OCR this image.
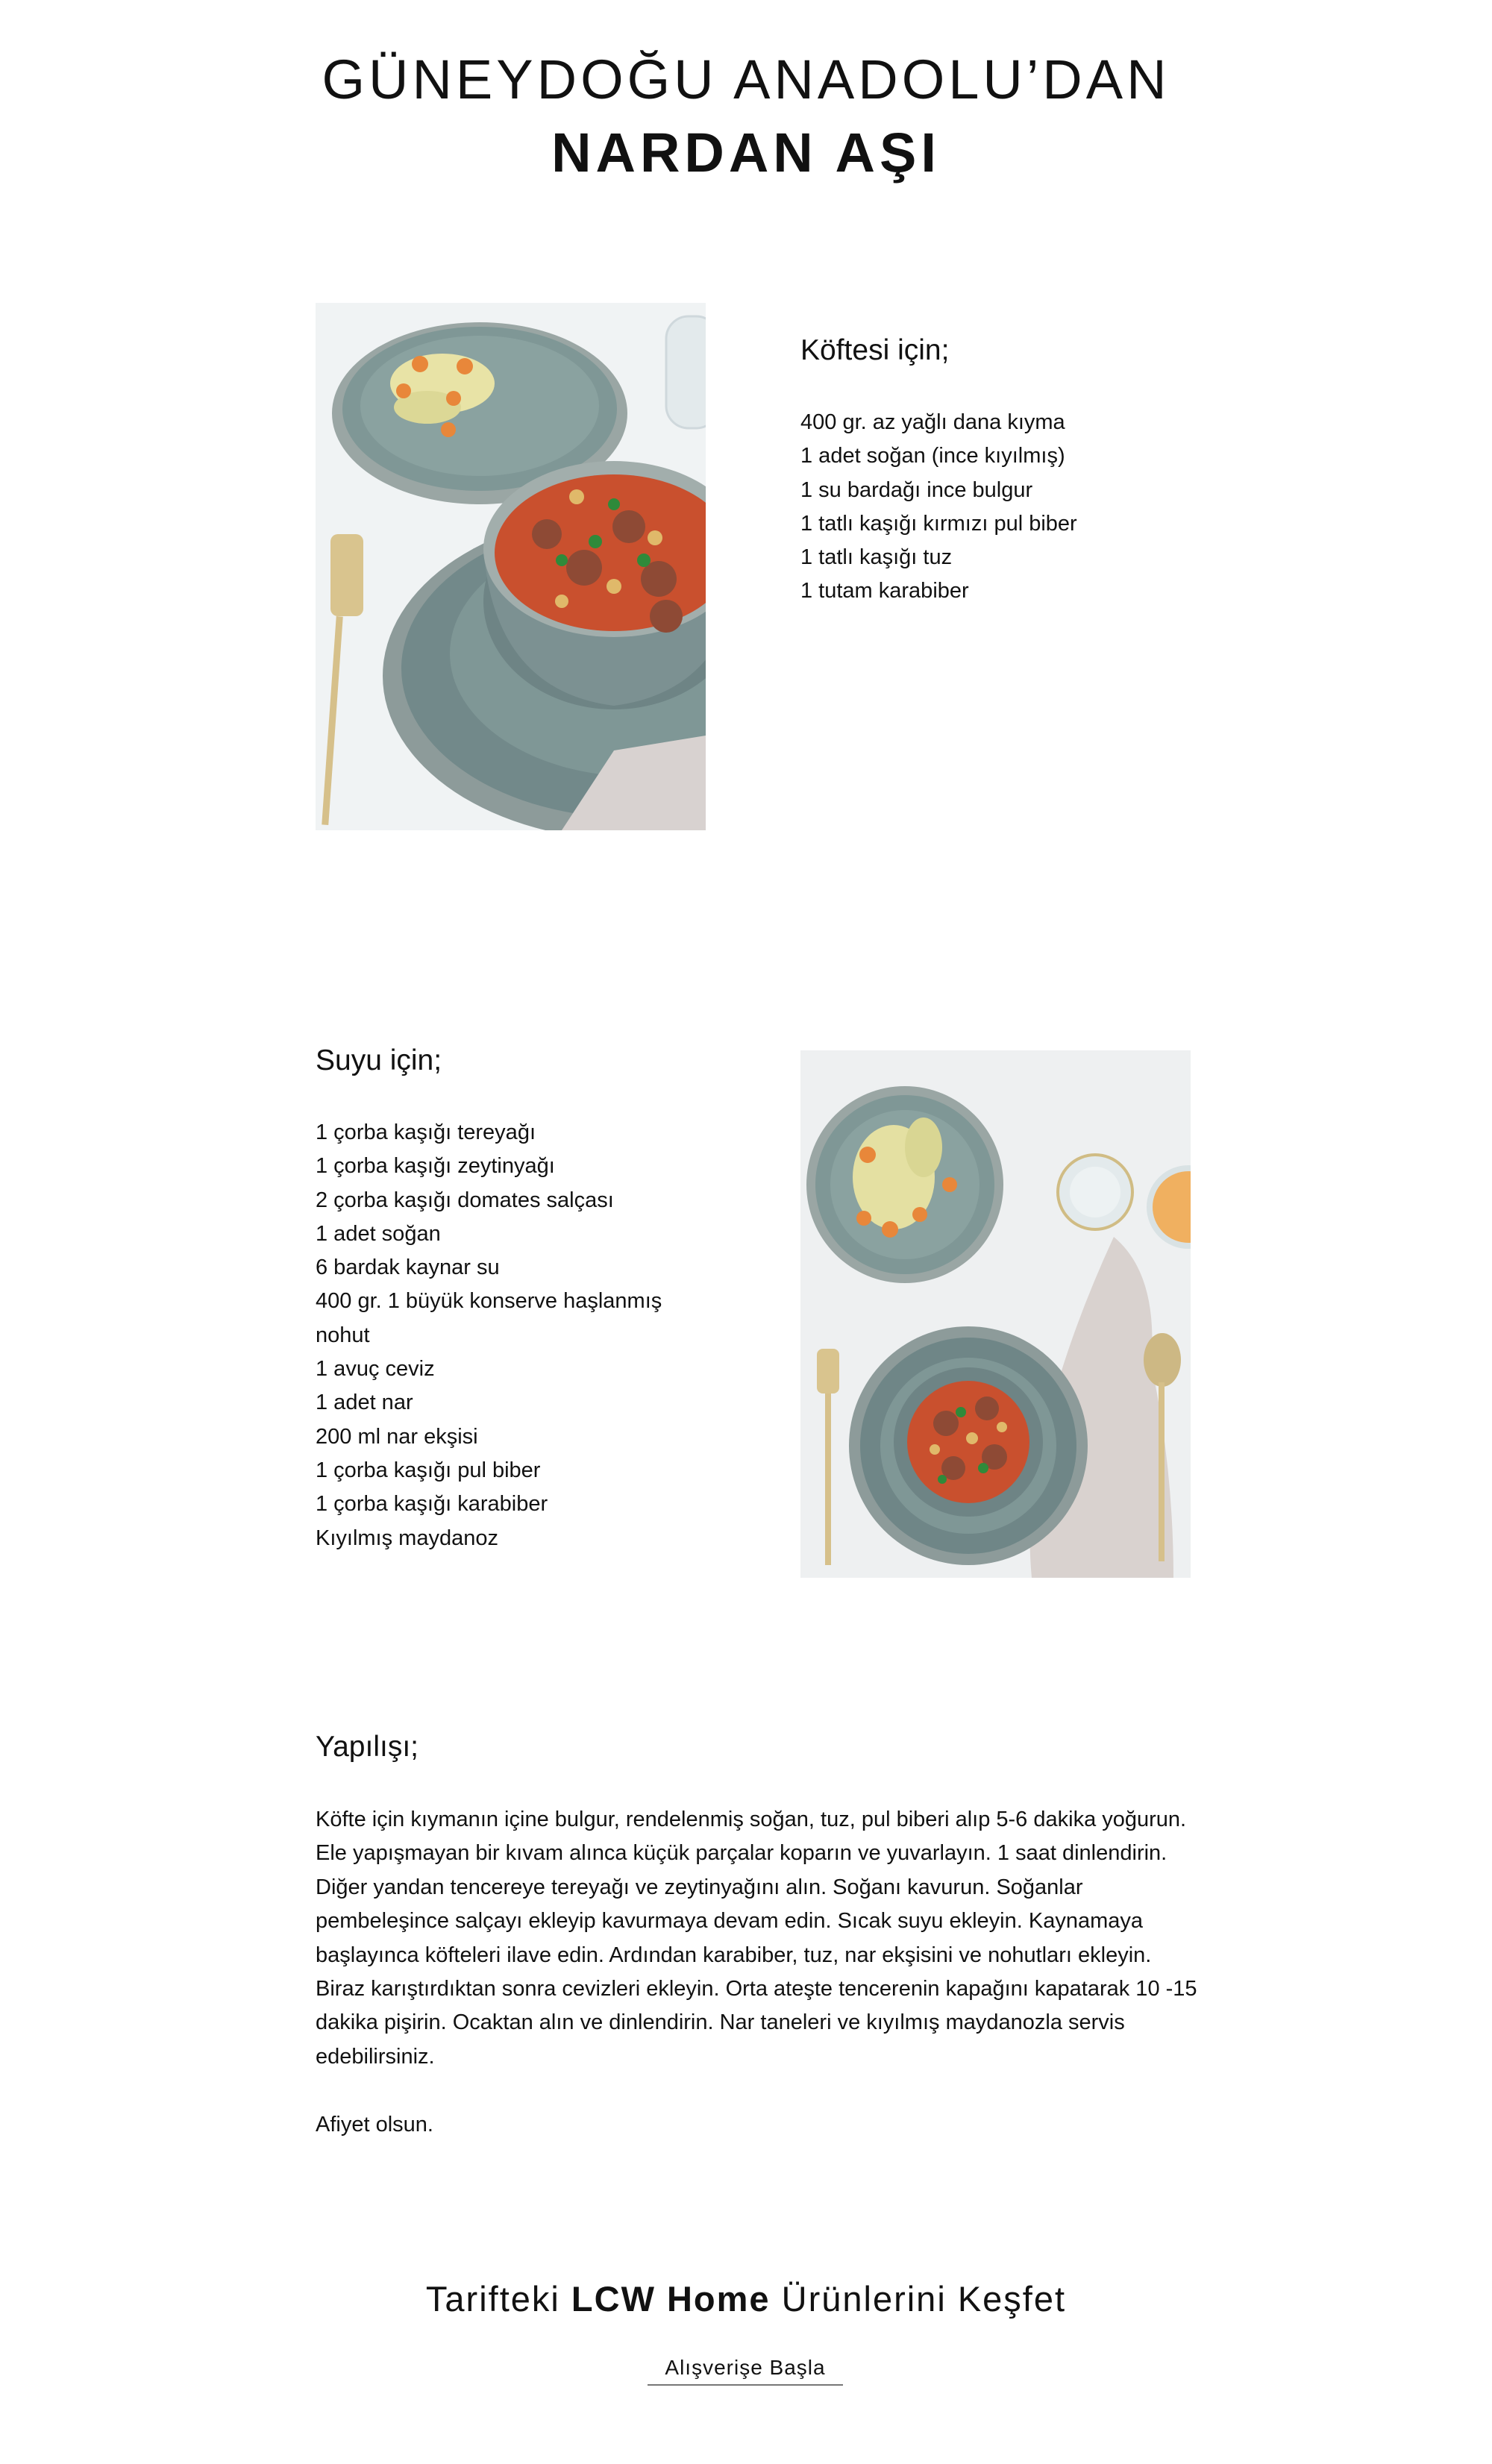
GÜNEYDOĞU ANADOLU’DAN
NARDAN AŞI
Köftesi için;
400 gr. az yağlı dana kıyma
1 adet soğan (ince kıyılmış)
1 su bardağı ince bulgur
1 tatlı kaşığı kırmızı pul biber
1 tatlı kaşığı tuz
1 tutam karabiber
Suyu için;
1 çorba kaşığı tereyağı
1 çorba kaşığı zeytinyağı
2 çorba kaşığı domates salçası
1 adet soğan
6 bardak kaynar su
400 gr. 1 büyük konserve haşlanmış
nohut
1 avuç ceviz
1 adet nar
200 ml nar ekşisi
1 çorba kaşığı pul biber
1 çorba kaşığı karabiber
Kıyılmış maydanoz
Yapılışı;
Köfte için kıymanın içine bulgur, rendelenmiş soğan, tuz, pul biberi alıp 5-6 dakika yoğurun.
Ele yapışmayan bir kıvam alınca küçük parçalar koparın ve yuvarlayın. 1 saat dinlendirin.
Diğer yandan tencereye tereyağı ve zeytinyağını alın. Soğanı kavurun. Soğanlar
pembeleşince salçayı ekleyip kavurmaya devam edin. Sıcak suyu ekleyin. Kaynamaya
başlayınca köfteleri ilave edin. Ardından karabiber, tuz, nar ekşisini ve nohutları ekleyin.
Biraz karıştırdıktan sonra cevizleri ekleyin. Orta ateşte tencerenin kapağını kapatarak 10 -15
dakika pişirin. Ocaktan alın ve dinlendirin. Nar taneleri ve kıyılmış maydanozla servis
edebilirsiniz.
Afiyet olsun.
Tarifteki LCW Home Ürünlerini Keşfet
Alışverişe Başla
